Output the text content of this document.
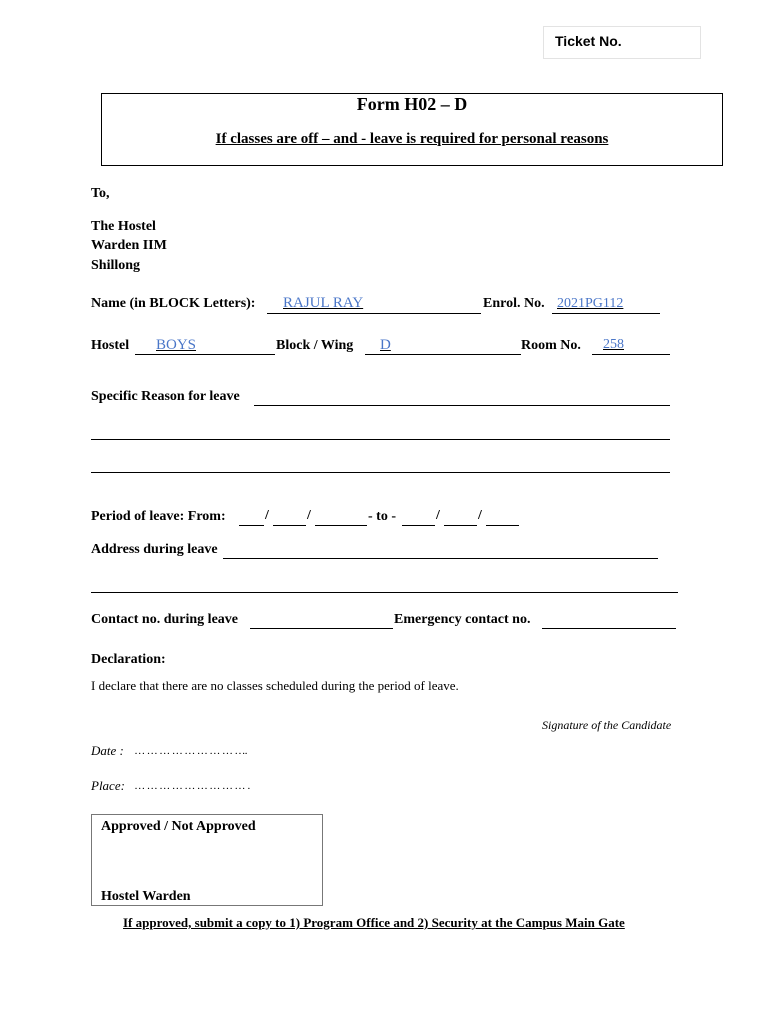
Ticket No.
Form H02 – D
If classes are off – and - leave is required for personal reasons
To,
The Hostel
Warden IIM
Shillong
Name (in BLOCK Letters): RAJUL RAY	Enrol. No. 2021PG112
Hostel BOYS	Block / Wing D	Room No. 258
Specific Reason for leave
Period of leave: From:	/	/	- to -	/	/
Address during leave
Contact no. during leave	Emergency contact no.
Declaration:
I declare that there are no classes scheduled during the period of leave.
Signature of the Candidate
Date : … … … … … … … … ….
Place: … … … … … … … … … .
Approved / Not Approved
Hostel Warden
If approved, submit a copy to 1) Program Office and 2) Security at the Campus Main Gate
